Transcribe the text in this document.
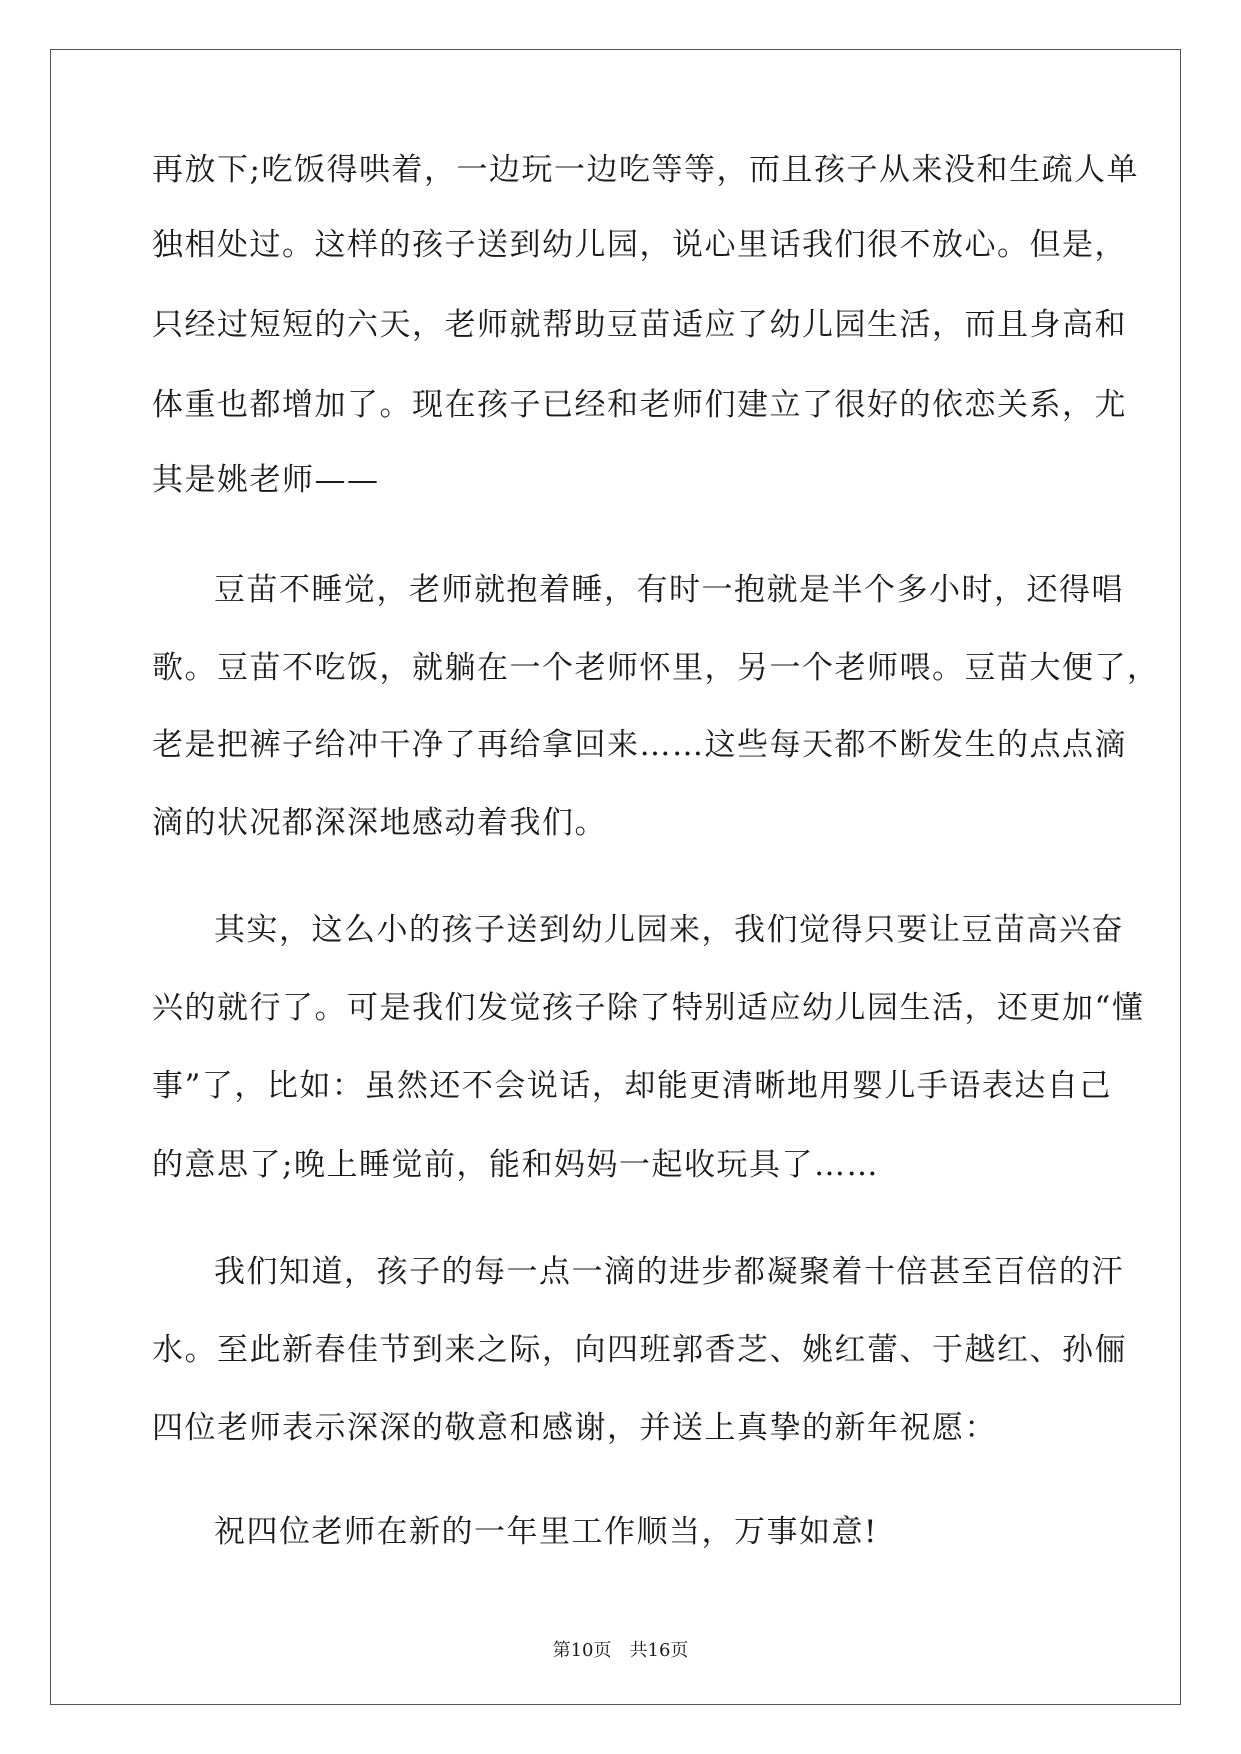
再放下;吃饭得哄着，一边玩一边吃等等，而且孩子从来没和生疏人单
独相处过。这样的孩子送到幼儿园，说心里话我们很不放心。但是，
只经过短短的六天，老师就帮助豆苗适应了幼儿园生活，而且身高和
体重也都增加了。现在孩子已经和老师们建立了很好的依恋关系，尤
其是姚老师——
豆苗不睡觉，老师就抱着睡，有时一抱就是半个多小时，还得唱
歌。豆苗不吃饭，就躺在一个老师怀里，另一个老师喂。豆苗大便了，
老是把裤子给冲干净了再给拿回来……这些每天都不断发生的点点滴
滴的状况都深深地感动着我们。
其实，这么小的孩子送到幼儿园来，我们觉得只要让豆苗高兴奋
兴的就行了。可是我们发觉孩子除了特别适应幼儿园生活，还更加“懂
事”了，比如：虽然还不会说话，却能更清晰地用婴儿手语表达自己
的意思了;晚上睡觉前，能和妈妈一起收玩具了……
我们知道，孩子的每一点一滴的进步都凝聚着十倍甚至百倍的汗
水。至此新春佳节到来之际，向四班郭香芝、姚红蕾、于越红、孙俪
四位老师表示深深的敬意和感谢，并送上真挚的新年祝愿：
祝四位老师在新的一年里工作顺当，万事如意!
第10页　共16页
